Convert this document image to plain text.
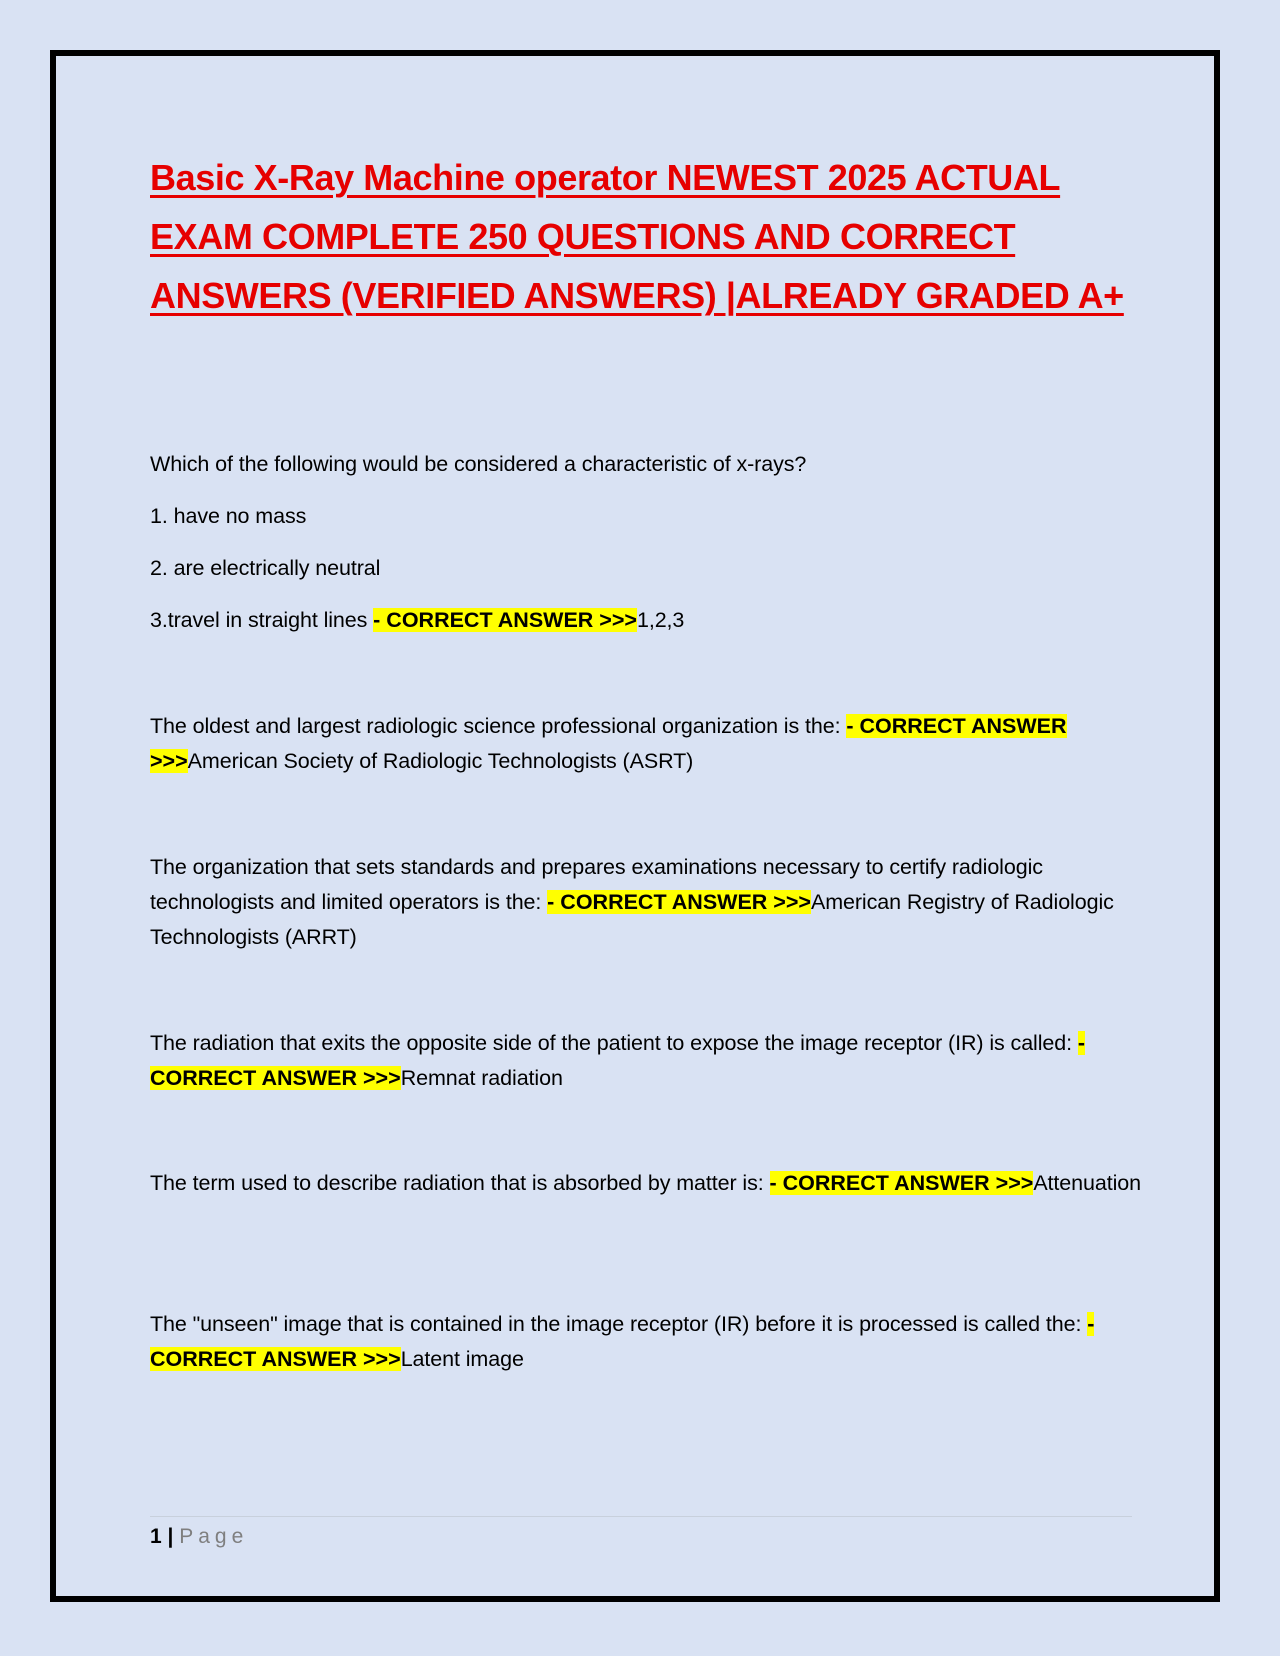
Basic X-Ray Machine operator NEWEST 2025 ACTUAL EXAM COMPLETE 250 QUESTIONS AND CORRECT ANSWERS (VERIFIED ANSWERS) |ALREADY GRADED A+

Which of the following would be considered a characteristic of x-rays?

1. have no mass

2. are electrically neutral

3.travel in straight lines - CORRECT ANSWER >>>1,2,3

The oldest and largest radiologic science professional organization is the: - CORRECT ANSWER >>>American Society of Radiologic Technologists (ASRT)

The organization that sets standards and prepares examinations necessary to certify radiologic technologists and limited operators is the: - CORRECT ANSWER >>>American Registry of Radiologic Technologists (ARRT)

The radiation that exits the opposite side of the patient to expose the image receptor (IR) is called: - CORRECT ANSWER >>>Remnat radiation

The term used to describe radiation that is absorbed by matter is: - CORRECT ANSWER >>>Attenuation

The "unseen" image that is contained in the image receptor (IR) before it is processed is called the: - CORRECT ANSWER >>>Latent image

1 | Page
